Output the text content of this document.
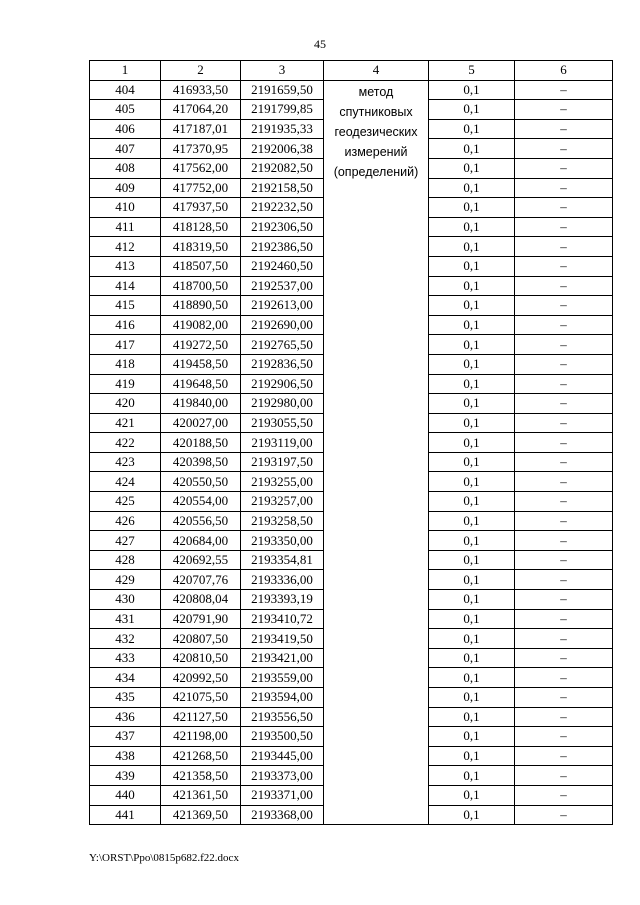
45
1	2	3	4	5	6
404	416933,50	2191659,50	метод спутниковых геодезических измерений (определений)	0,1	–
405	417064,20	2191799,85		0,1	–
406	417187,01	2191935,33		0,1	–
407	417370,95	2192006,38		0,1	–
408	417562,00	2192082,50		0,1	–
409	417752,00	2192158,50		0,1	–
410	417937,50	2192232,50		0,1	–
411	418128,50	2192306,50		0,1	–
412	418319,50	2192386,50		0,1	–
413	418507,50	2192460,50		0,1	–
414	418700,50	2192537,00		0,1	–
415	418890,50	2192613,00		0,1	–
416	419082,00	2192690,00		0,1	–
417	419272,50	2192765,50		0,1	–
418	419458,50	2192836,50		0,1	–
419	419648,50	2192906,50		0,1	–
420	419840,00	2192980,00		0,1	–
421	420027,00	2193055,50		0,1	–
422	420188,50	2193119,00		0,1	–
423	420398,50	2193197,50		0,1	–
424	420550,50	2193255,00		0,1	–
425	420554,00	2193257,00		0,1	–
426	420556,50	2193258,50		0,1	–
427	420684,00	2193350,00		0,1	–
428	420692,55	2193354,81		0,1	–
429	420707,76	2193336,00		0,1	–
430	420808,04	2193393,19		0,1	–
431	420791,90	2193410,72		0,1	–
432	420807,50	2193419,50		0,1	–
433	420810,50	2193421,00		0,1	–
434	420992,50	2193559,00		0,1	–
435	421075,50	2193594,00		0,1	–
436	421127,50	2193556,50		0,1	–
437	421198,00	2193500,50		0,1	–
438	421268,50	2193445,00		0,1	–
439	421358,50	2193373,00		0,1	–
440	421361,50	2193371,00		0,1	–
441	421369,50	2193368,00		0,1	–
Y:\ORST\Ppo\0815p682.f22.docx
